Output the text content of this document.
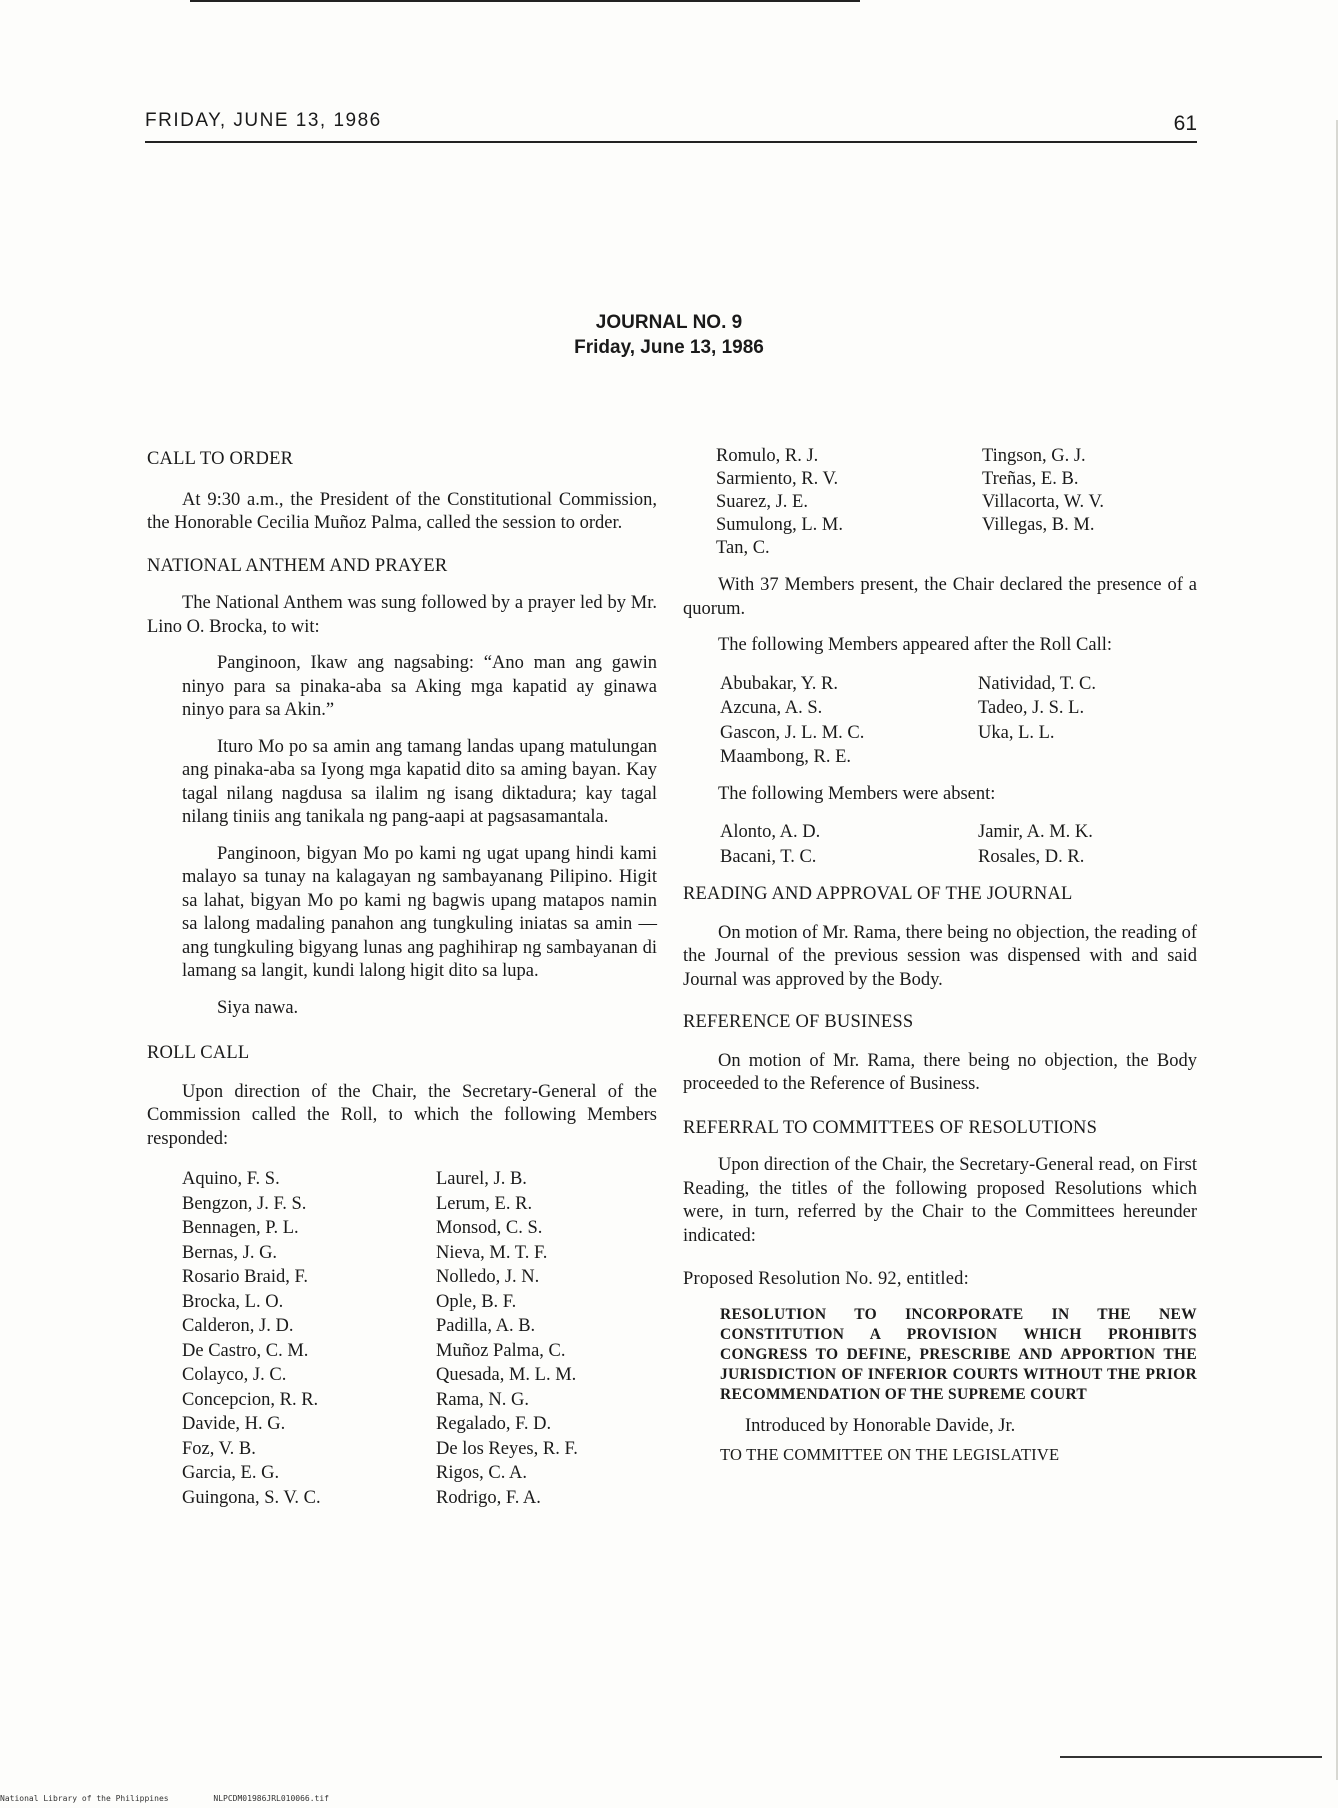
FRIDAY, JUNE 13, 1986	61
JOURNAL NO. 9
Friday, June 13, 1986

CALL TO ORDER

At 9:30 a.m., the President of the Constitutional Commission, the Honorable Cecilia Muñoz Palma, called the session to order.

NATIONAL ANTHEM AND PRAYER

The National Anthem was sung followed by a prayer led by Mr. Lino O. Brocka, to wit:

Panginoon, Ikaw ang nagsabing: “Ano man ang gawin ninyo para sa pinaka-aba sa Aking mga kapatid ay ginawa ninyo para sa Akin.”

Ituro Mo po sa amin ang tamang landas upang matulungan ang pinaka-aba sa Iyong mga kapatid dito sa aming bayan. Kay tagal nilang nagdusa sa ilalim ng isang diktadura; kay tagal nilang tiniis ang tanikala ng pang-aapi at pagsasamantala.

Panginoon, bigyan Mo po kami ng ugat upang hindi kami malayo sa tunay na kalagayan ng sambayanang Pilipino. Higit sa lahat, bigyan Mo po kami ng bagwis upang matapos namin sa lalong madaling panahon ang tungkuling iniatas sa amin — ang tungkuling bigyang lunas ang paghihirap ng sambayanan di lamang sa langit, kundi lalong higit dito sa lupa.

Siya nawa.

ROLL CALL

Upon direction of the Chair, the Secretary-General of the Commission called the Roll, to which the following Members responded:

Aquino, F. S.
Bengzon, J. F. S.
Bennagen, P. L.
Bernas, J. G.
Rosario Braid, F.
Brocka, L. O.
Calderon, J. D.
De Castro, C. M.
Colayco, J. C.
Concepcion, R. R.
Davide, H. G.
Foz, V. B.
Garcia, E. G.
Guingona, S. V. C.
Laurel, J. B.
Lerum, E. R.
Monsod, C. S.
Nieva, M. T. F.
Nolledo, J. N.
Ople, B. F.
Padilla, A. B.
Muñoz Palma, C.
Quesada, M. L. M.
Rama, N. G.
Regalado, F. D.
De los Reyes, R. F.
Rigos, C. A.
Rodrigo, F. A.
Romulo, R. J.
Sarmiento, R. V.
Suarez, J. E.
Sumulong, L. M.
Tan, C.
Tingson, G. J.
Treñas, E. B.
Villacorta, W. V.
Villegas, B. M.

With 37 Members present, the Chair declared the presence of a quorum.

The following Members appeared after the Roll Call:

Abubakar, Y. R.
Azcuna, A. S.
Gascon, J. L. M. C.
Maambong, R. E.
Natividad, T. C.
Tadeo, J. S. L.
Uka, L. L.

The following Members were absent:

Alonto, A. D.
Bacani, T. C.
Jamir, A. M. K.
Rosales, D. R.

READING AND APPROVAL OF THE JOURNAL

On motion of Mr. Rama, there being no objection, the reading of the Journal of the previous session was dispensed with and said Journal was approved by the Body.

REFERENCE OF BUSINESS

On motion of Mr. Rama, there being no objection, the Body proceeded to the Reference of Business.

REFERRAL TO COMMITTEES OF RESOLUTIONS

Upon direction of the Chair, the Secretary-General read, on First Reading, the titles of the following proposed Resolutions which were, in turn, referred by the Chair to the Committees hereunder indicated:

Proposed Resolution No. 92, entitled:

RESOLUTION TO INCORPORATE IN THE NEW CONSTITUTION A PROVISION WHICH PROHIBITS CONGRESS TO DEFINE, PRESCRIBE AND APPORTION THE JURISDICTION OF INFERIOR COURTS WITHOUT THE PRIOR RECOMMENDATION OF THE SUPREME COURT

Introduced by Honorable Davide, Jr.

TO THE COMMITTEE ON THE LEGISLATIVE

National Library of the Philippines	NLPCDM01986JRL010066.tif
